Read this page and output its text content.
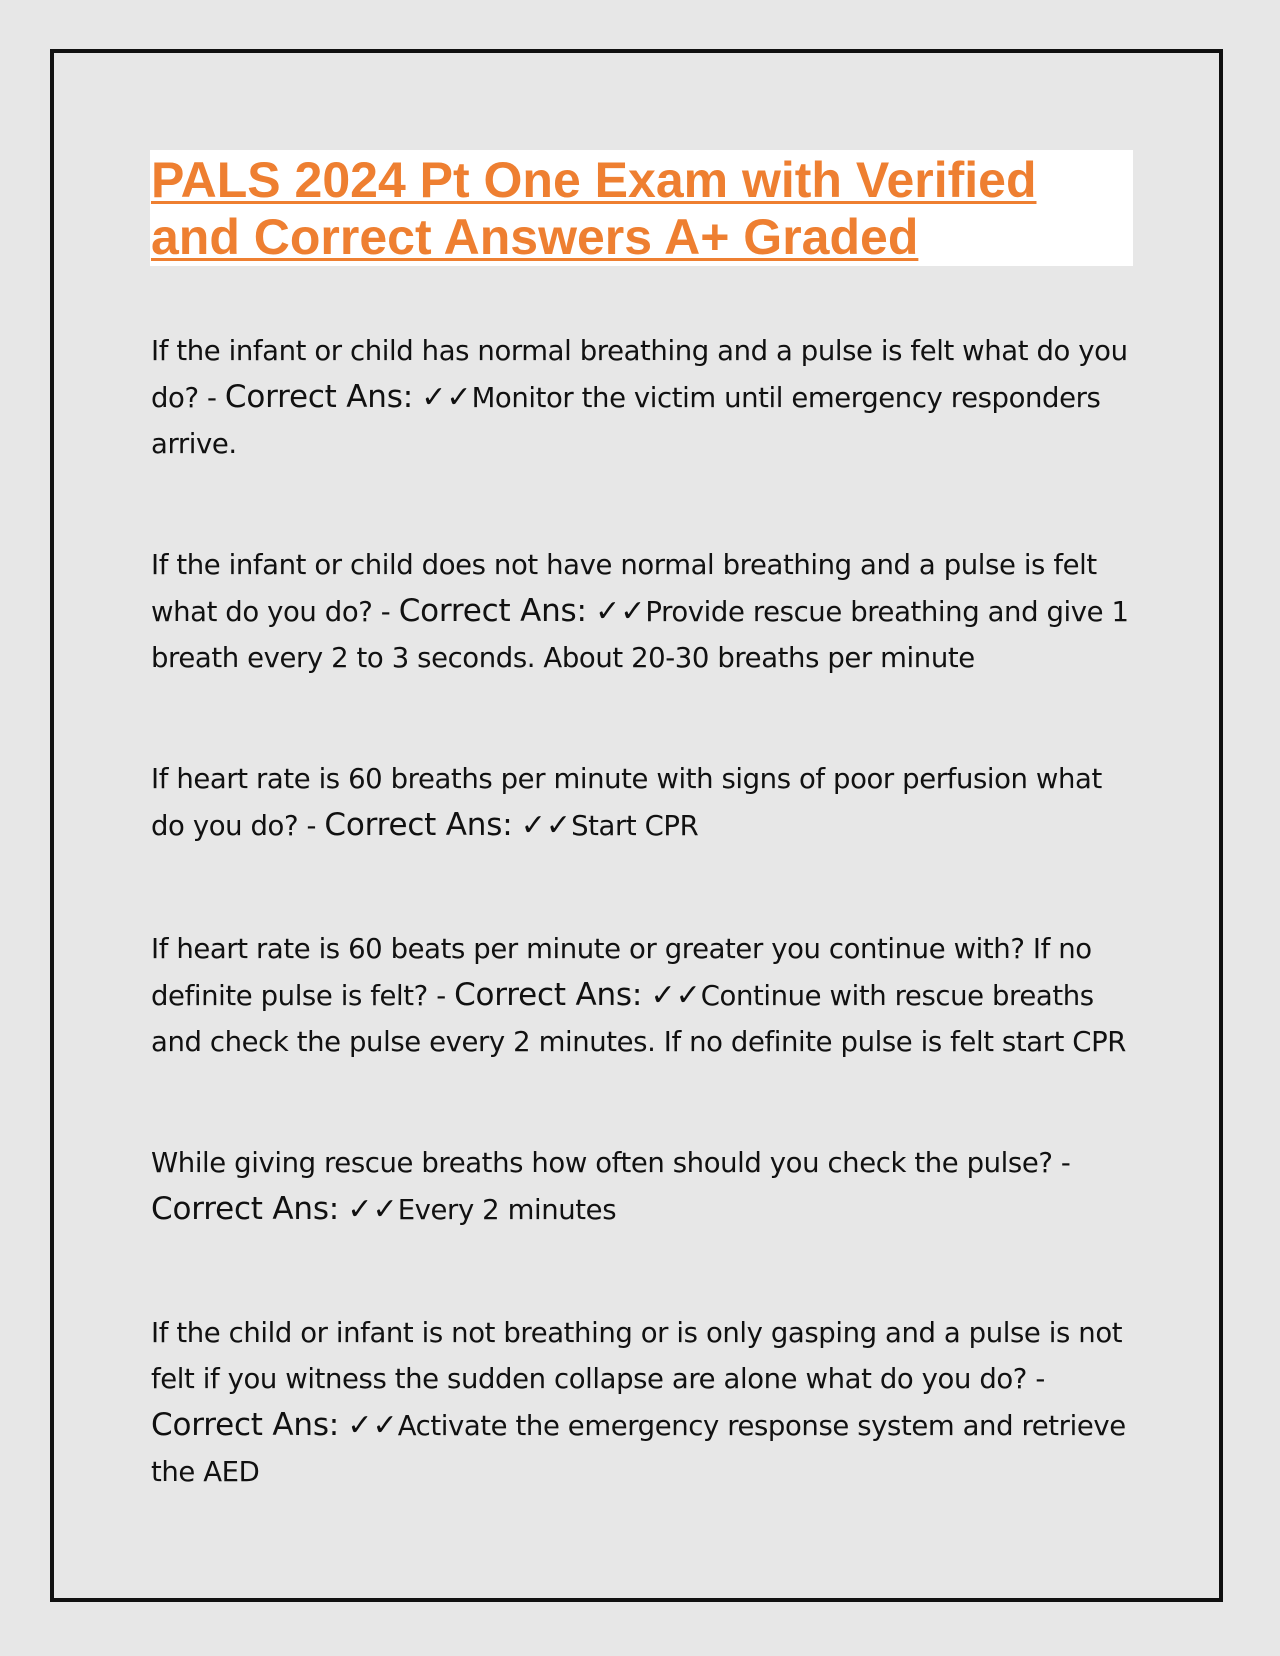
PALS 2024 Pt One Exam with Verified and Correct Answers A+ Graded

If the infant or child has normal breathing and a pulse is felt what do you do? - Correct Ans: ✓✓Monitor the victim until emergency responders arrive.

If the infant or child does not have normal breathing and a pulse is felt what do you do? - Correct Ans: ✓✓Provide rescue breathing and give 1 breath every 2 to 3 seconds. About 20-30 breaths per minute

If heart rate is 60 breaths per minute with signs of poor perfusion what do you do? - Correct Ans: ✓✓Start CPR

If heart rate is 60 beats per minute or greater you continue with? If no definite pulse is felt? - Correct Ans: ✓✓Continue with rescue breaths and check the pulse every 2 minutes. If no definite pulse is felt start CPR

While giving rescue breaths how often should you check the pulse? - Correct Ans: ✓✓Every 2 minutes

If the child or infant is not breathing or is only gasping and a pulse is not felt if you witness the sudden collapse are alone what do you do? - Correct Ans: ✓✓Activate the emergency response system and retrieve the AED
